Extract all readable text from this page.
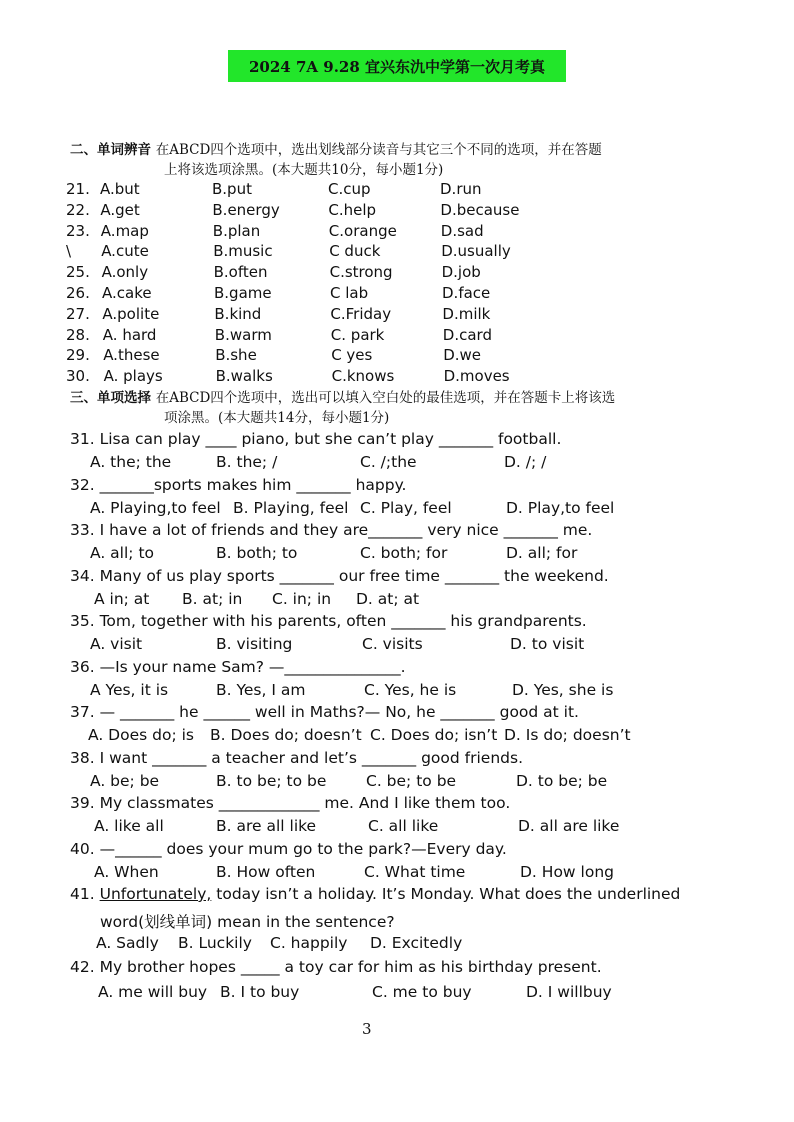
2024 7A 9.28 宜兴东氿中学第一次月考真
二、单词辨音 在ABCD四个选项中，选出划线部分读音与其它三个不同的选项，并在答题
上将该选项涂黑。(本大题共10分，每小题1分)
21. A.but	B.put	C.cup	D.run
22. A.get	B.energy	C.help	D.because
23. A.map	B.plan	C.orange	D.sad
\ A.cute	B.music	C duck	D.usually
25. A.only	B.often	C.strong	D.job
26. A.cake	B.game	C lab	D.face
27. A.polite	B.kind	C.Friday	D.milk
28. A. hard	B.warm	C. park	D.card
29. A.these	B.she	C yes	D.we
30. A. plays	B.walks	C.knows	D.moves
三、单项选择 在ABCD四个选项中，选出可以填入空白处的最佳选项，并在答题卡上将该选
项涂黑。(本大题共14分，每小题1分)
31. Lisa can play ____ piano, but she can’t play _______ football.
A. the; the	B. the; /	C. /;the	D. /; /
32. _______sports makes him _______ happy.
A. Playing,to feel B. Playing, feel C. Play, feel	D. Play,to feel
33. I have a lot of friends and they are_______ very nice _______ me.
A. all; to	B. both; to	C. both; for	D. all; for
34. Many of us play sports _______ our free time _______ the weekend.
A in; at B. at; in C. in; in D. at; at
35. Tom, together with his parents, often _______ his grandparents.
A. visit	B. visiting	C. visits	D. to visit
36. —Is your name Sam? —_______________.
A Yes, it is	B. Yes, I am	C. Yes, he is	D. Yes, she is
37. — _______ he ______ well in Maths?— No, he _______ good at it.
A. Does do; is B. Does do; doesn’t C. Does do; isn’t D. Is do; doesn’t
38. I want _______ a teacher and let’s _______ good friends.
A. be; be	B. to be; to be	C. be; to be	D. to be; be
39. My classmates _____________ me. And I like them too.
A. like all	B. are all like	C. all like	D. all are like
40. —______ does your mum go to the park?—Every day.
A. When	B. How often	C. What time	D. How long
41. Unfortunately, today isn’t a holiday. It’s Monday. What does the underlined
word(划线单词) mean in the sentence?
A. Sadly B. Luckily C. happily D. Excitedly
42. My brother hopes _____ a toy car for him as his birthday present.
A. me will buy B. I to buy	C. me to buy	D. I willbuy
3
